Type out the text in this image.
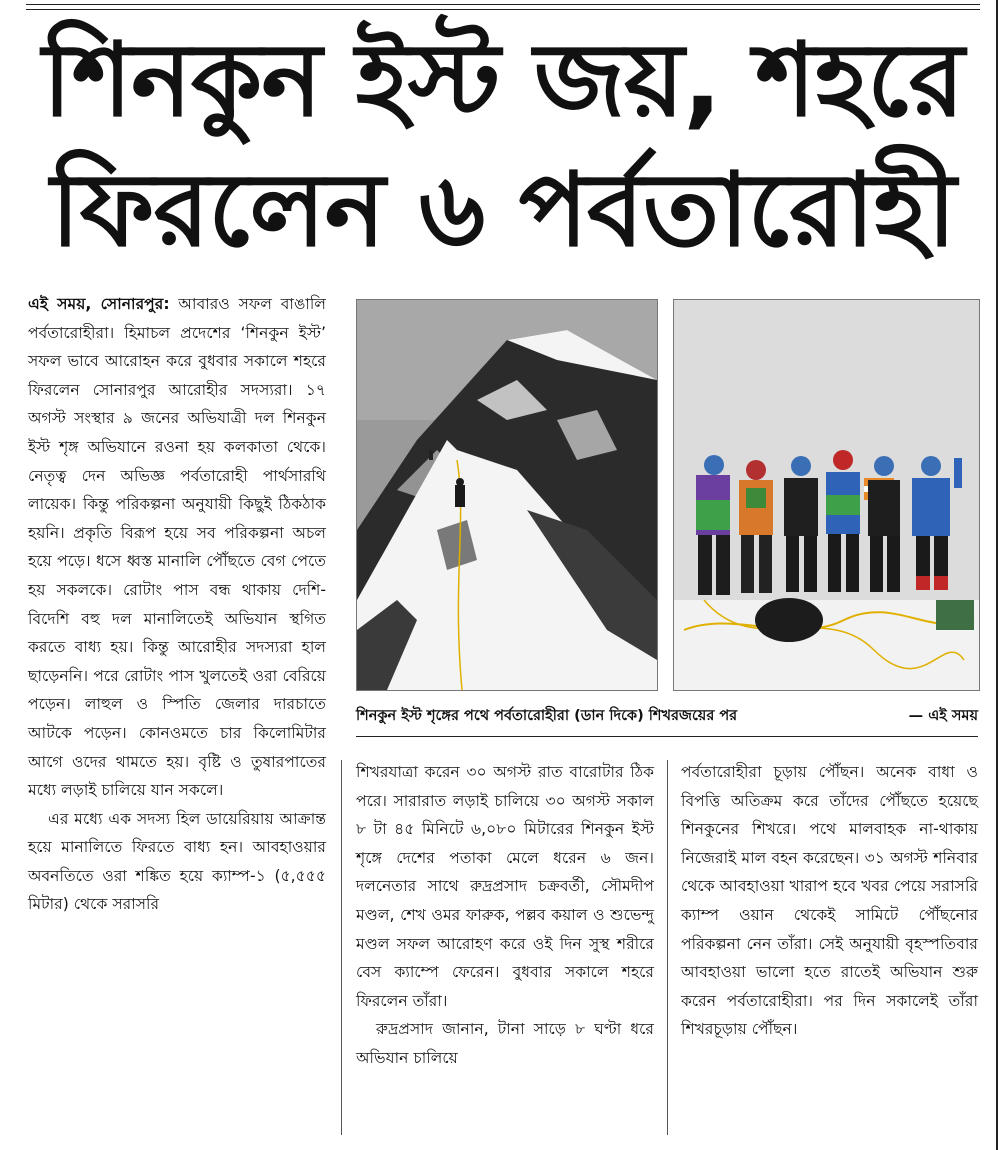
শিনকুন ইস্ট জয়, শহরে
ফিরলেন ৬ পর্বতারোহী

এই সময়, সোনারপুর: আবারও সফল বাঙালি পর্বতারোহীরা। হিমাচল প্রদেশের ‘শিনকুন ইস্ট’ সফল ভাবে আরোহন করে বুধবার সকালে শহরে ফিরলেন সোনারপুর আরোহীর সদস্যরা। ১৭ অগস্ট সংস্থার ৯ জনের অভিযাত্রী দল শিনকুন ইস্ট শৃঙ্গ অভিযানে রওনা হয় কলকাতা থেকে। নেতৃত্ব দেন অভিজ্ঞ পর্বতারোহী পার্থসারথি লায়েক। কিন্তু পরিকল্পনা অনুযায়ী কিছুই ঠিকঠাক হয়নি। প্রকৃতি বিরূপ হয়ে সব পরিকল্পনা অচল হয়ে পড়ে। ধসে ধ্বস্ত মানালি পৌঁছতে বেগ পেতে হয় সকলকে। রোটাং পাস বন্ধ থাকায় দেশি-বিদেশি বহু দল মানালিতেই অভিযান স্থগিত করতে বাধ্য হয়। কিন্তু আরোহীর সদস্যরা হাল ছাড়েননি। পরে রোটাং পাস খুলতেই ওরা বেরিয়ে পড়েন। লাহুল ও স্পিতি জেলার দারচাতে আটকে পড়েন। কোনওমতে চার কিলোমিটার আগে ওদের থামতে হয়। বৃষ্টি ও তুষারপাতের মধ্যে লড়াই চালিয়ে যান সকলে।

এর মধ্যে এক সদস্য হিল ডায়েরিয়ায় আক্রান্ত হয়ে মানালিতে ফিরতে বাধ্য হন। আবহাওয়ার অবনতিতে ওরা শঙ্কিত হয়ে ক্যাম্প-১ (৫,৫৫৫ মিটার) থেকে সরাসরি

শিনকুন ইস্ট শৃঙ্গের পথে পর্বতারোহীরা (ডান দিকে) শিখরজয়ের পর	— এই সময়

শিখরযাত্রা করেন ৩০ অগস্ট রাত বারোটার ঠিক পরে। সারারাত লড়াই চালিয়ে ৩০ অগস্ট সকাল ৮ টা ৪৫ মিনিটে ৬,০৮০ মিটারের শিনকুন ইস্ট শৃঙ্গে দেশের পতাকা মেলে ধরেন ৬ জন। দলনেতার সাথে রুদ্রপ্রসাদ চক্রবর্তী, সৌমদীপ মণ্ডল, শেখ ওমর ফারুক, পল্লব কয়াল ও শুভেন্দু মণ্ডল সফল আরোহণ করে ওই দিন সুস্থ শরীরে বেস ক্যাম্পে ফেরেন। বুধবার সকালে শহরে ফিরলেন তাঁরা।

রুদ্রপ্রসাদ জানান, টানা সাড়ে ৮ ঘণ্টা ধরে অভিযান চালিয়ে

পর্বতারোহীরা চূড়ায় পৌঁছন। অনেক বাধা ও বিপত্তি অতিক্রম করে তাঁদের পৌঁছতে হয়েছে শিনকুনের শিখরে। পথে মালবাহক না-থাকায় নিজেরাই মাল বহন করেছেন। ৩১ অগস্ট শনিবার থেকে আবহাওয়া খারাপ হবে খবর পেয়ে সরাসরি ক্যাম্প ওয়ান থেকেই সামিটে পৌঁছনোর পরিকল্পনা নেন তাঁরা। সেই অনুযায়ী বৃহস্পতিবার আবহাওয়া ভালো হতে রাতেই অভিযান শুরু করেন পর্বতারোহীরা। পর দিন সকালেই তাঁরা শিখরচূড়ায় পৌঁছন।
